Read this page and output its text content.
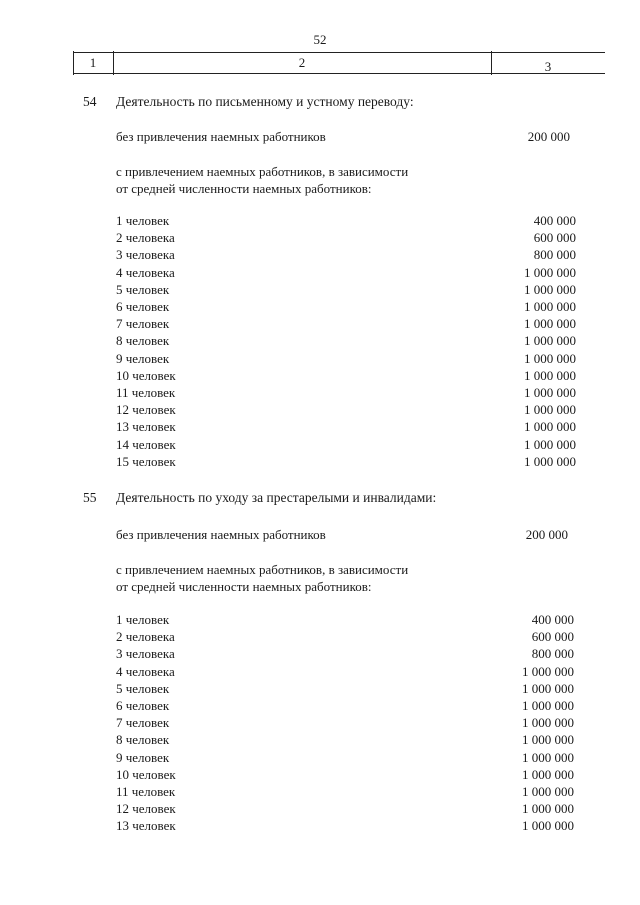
52
1	2	3
54 Деятельность по письменному и устному переводу:
без привлечения наемных работников	200 000
с привлечением наемных работников, в зависимости
от средней численности наемных работников:
1 человек	400 000
2 человека	600 000
3 человека	800 000
4 человека	1 000 000
5 человек	1 000 000
6 человек	1 000 000
7 человек	1 000 000
8 человек	1 000 000
9 человек	1 000 000
10 человек	1 000 000
11 человек	1 000 000
12 человек	1 000 000
13 человек	1 000 000
14 человек	1 000 000
15 человек	1 000 000
55 Деятельность по уходу за престарелыми и инвалидами:
без привлечения наемных работников	200 000
с привлечением наемных работников, в зависимости
от средней численности наемных работников:
1 человек	400 000
2 человека	600 000
3 человека	800 000
4 человека	1 000 000
5 человек	1 000 000
6 человек	1 000 000
7 человек	1 000 000
8 человек	1 000 000
9 человек	1 000 000
10 человек	1 000 000
11 человек	1 000 000
12 человек	1 000 000
13 человек	1 000 000
